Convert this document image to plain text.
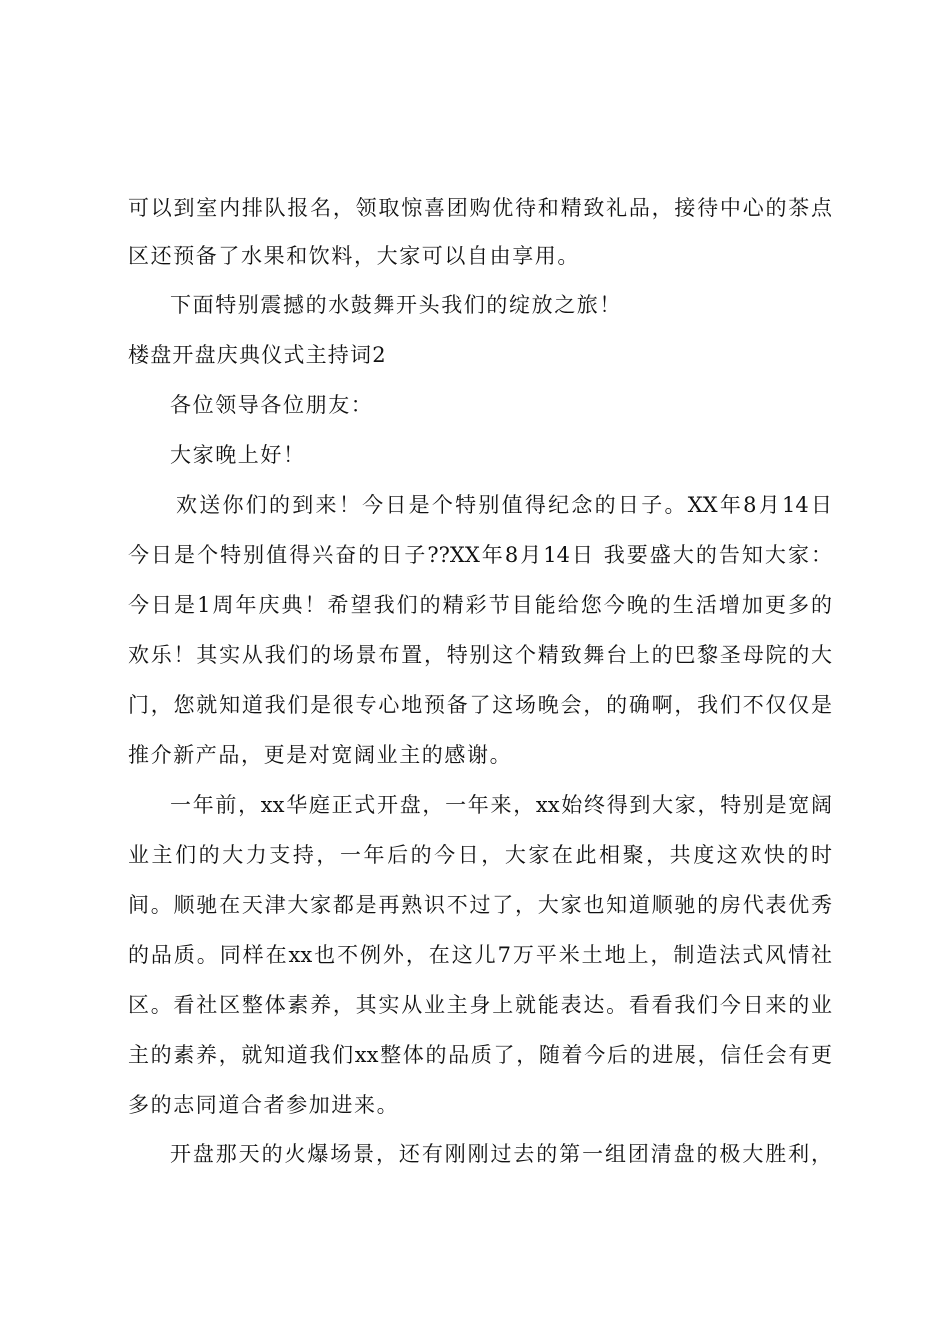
可以到室内排队报名，领取惊喜团购优待和精致礼品，接待中心的茶点
区还预备了水果和饮料，大家可以自由享用。
下面特别震撼的水鼓舞开头我们的绽放之旅！
楼盘开盘庆典仪式主持词2
各位领导各位朋友：
大家晚上好！
欢送你们的到来！今日是个特别值得纪念的日子。XX年8月14日
今日是个特别值得兴奋的日子??XX年8月14日 我要盛大的告知大家：
今日是1周年庆典！希望我们的精彩节目能给您今晚的生活增加更多的
欢乐！其实从我们的场景布置，特别这个精致舞台上的巴黎圣母院的大
门，您就知道我们是很专心地预备了这场晚会，的确啊，我们不仅仅是
推介新产品，更是对宽阔业主的感谢。
一年前，xx华庭正式开盘，一年来，xx始终得到大家，特别是宽阔
业主们的大力支持，一年后的今日，大家在此相聚，共度这欢快的时
间。顺驰在天津大家都是再熟识不过了，大家也知道顺驰的房代表优秀
的品质。同样在xx也不例外，在这儿7万平米土地上，制造法式风情社
区。看社区整体素养，其实从业主身上就能表达。看看我们今日来的业
主的素养，就知道我们xx整体的品质了，随着今后的进展，信任会有更
多的志同道合者参加进来。
开盘那天的火爆场景，还有刚刚过去的第一组团清盘的极大胜利，
